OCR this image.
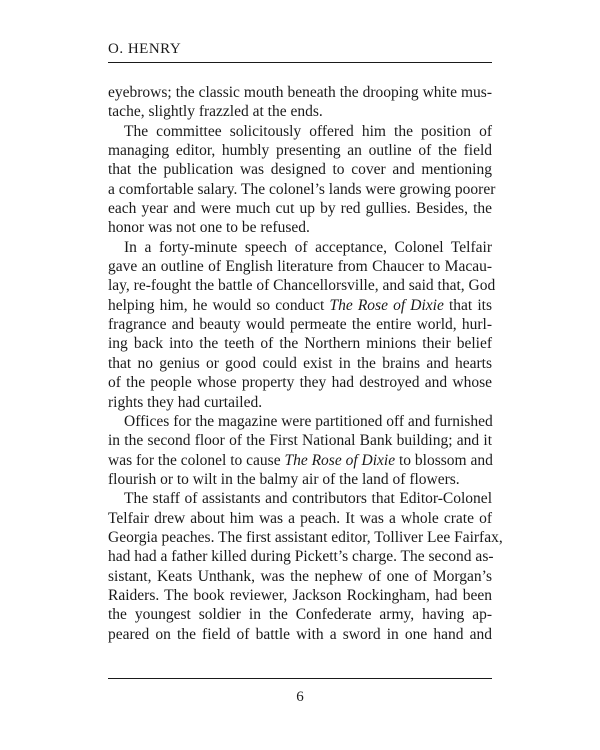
O. HENRY
eyebrows; the classic mouth beneath the drooping white mus-
tache, slightly frazzled at the ends.
The committee solicitously offered him the position of
managing editor, humbly presenting an outline of the field
that the publication was designed to cover and mentioning
a comfortable salary. The colonel’s lands were growing poorer
each year and were much cut up by red gullies. Besides, the
honor was not one to be refused.
In a forty-minute speech of acceptance, Colonel Telfair
gave an outline of English literature from Chaucer to Macau-
lay, re-fought the battle of Chancellorsville, and said that, God
helping him, he would so conduct The Rose of Dixie that its
fragrance and beauty would permeate the entire world, hurl-
ing back into the teeth of the Northern minions their belief
that no genius or good could exist in the brains and hearts
of the people whose property they had destroyed and whose
rights they had curtailed.
Offices for the magazine were partitioned off and furnished
in the second floor of the First National Bank building; and it
was for the colonel to cause The Rose of Dixie to blossom and
flourish or to wilt in the balmy air of the land of flowers.
The staff of assistants and contributors that Editor-Colonel
Telfair drew about him was a peach. It was a whole crate of
Georgia peaches. The first assistant editor, Tolliver Lee Fairfax,
had had a father killed during Pickett’s charge. The second as-
sistant, Keats Unthank, was the nephew of one of Morgan’s
Raiders. The book reviewer, Jackson Rockingham, had been
the youngest soldier in the Confederate army, having ap-
peared on the field of battle with a sword in one hand and
6
